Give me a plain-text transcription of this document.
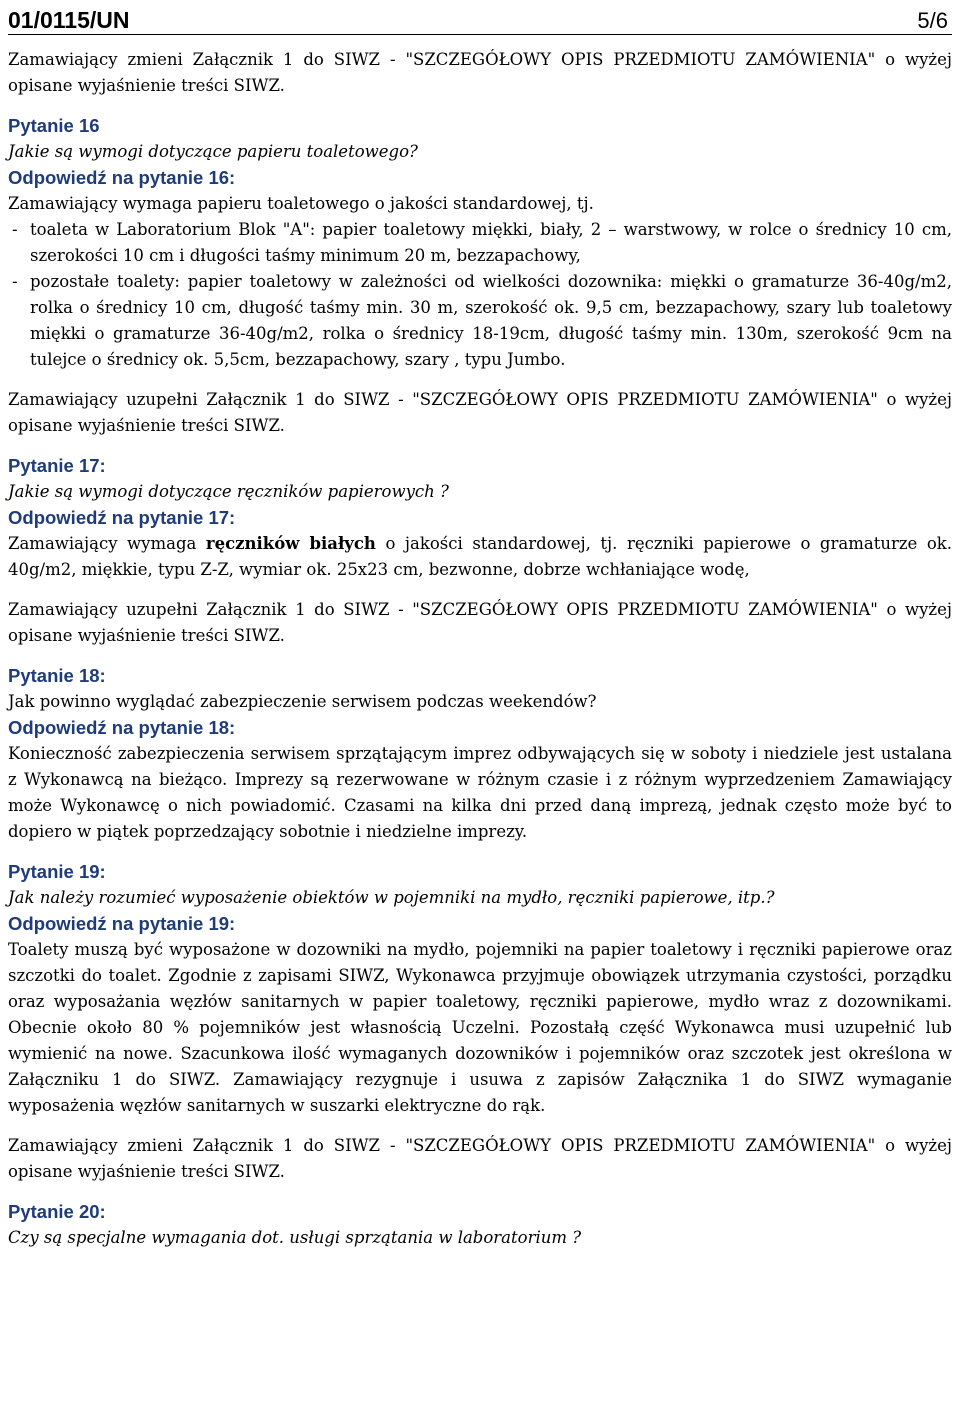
01/0115/UN	5/6

Zamawiający zmieni Załącznik 1 do SIWZ - "SZCZEGÓŁOWY OPIS PRZEDMIOTU ZAMÓWIENIA" o wyżej opisane wyjaśnienie treści SIWZ.

Pytanie 16
Jakie są wymogi dotyczące papieru toaletowego?
Odpowiedź na pytanie 16:

Zamawiający wymaga papieru toaletowego o jakości standardowej, tj.

- toaleta w Laboratorium Blok "A": papier toaletowy miękki, biały, 2 – warstwowy, w rolce o średnicy 10 cm, szerokości 10 cm i długości taśmy minimum 20 m, bezzapachowy,
- pozostałe toalety: papier toaletowy w zależności od wielkości dozownika: miękki o gramaturze 36-40g/m2, rolka o średnicy 10 cm, długość taśmy min. 30 m, szerokość ok. 9,5 cm, bezzapachowy, szary lub toaletowy miękki o gramaturze 36-40g/m2, rolka o średnicy 18-19cm, długość taśmy min. 130m, szerokość 9cm na tulejce o średnicy ok. 5,5cm, bezzapachowy, szary , typu Jumbo.

Zamawiający uzupełni Załącznik 1 do SIWZ - "SZCZEGÓŁOWY OPIS PRZEDMIOTU ZAMÓWIENIA" o wyżej opisane wyjaśnienie treści SIWZ.

Pytanie 17:
Jakie są wymogi dotyczące ręczników papierowych ?
Odpowiedź na pytanie 17:

Zamawiający wymaga ręczników białych o jakości standardowej, tj. ręczniki papierowe o gramaturze ok. 40g/m2, miękkie, typu Z-Z, wymiar ok. 25x23 cm, bezwonne, dobrze wchłaniające wodę,

Zamawiający uzupełni Załącznik 1 do SIWZ - "SZCZEGÓŁOWY OPIS PRZEDMIOTU ZAMÓWIENIA" o wyżej opisane wyjaśnienie treści SIWZ.

Pytanie 18:
Jak powinno wyglądać zabezpieczenie serwisem podczas weekendów?
Odpowiedź na pytanie 18:

Konieczność zabezpieczenia serwisem sprzątającym imprez odbywających się w soboty i niedziele jest ustalana z Wykonawcą na bieżąco. Imprezy są rezerwowane w różnym czasie i z różnym wyprzedzeniem Zamawiający może Wykonawcę o nich powiadomić. Czasami na kilka dni przed daną imprezą, jednak często może być to dopiero w piątek poprzedzający sobotnie i niedzielne imprezy.

Pytanie 19:
Jak należy rozumieć wyposażenie obiektów w pojemniki na mydło, ręczniki papierowe, itp.?
Odpowiedź na pytanie 19:

Toalety muszą być wyposażone w dozowniki na mydło, pojemniki na papier toaletowy i ręczniki papierowe oraz szczotki do toalet. Zgodnie z zapisami SIWZ, Wykonawca przyjmuje obowiązek utrzymania czystości, porządku oraz wyposażania węzłów sanitarnych w papier toaletowy, ręczniki papierowe, mydło wraz z dozownikami. Obecnie około 80 % pojemników jest własnością Uczelni. Pozostałą część Wykonawca musi uzupełnić lub wymienić na nowe. Szacunkowa ilość wymaganych dozowników i pojemników oraz szczotek jest określona w Załączniku 1 do SIWZ. Zamawiający rezygnuje i usuwa z zapisów Załącznika 1 do SIWZ wymaganie wyposażenia węzłów sanitarnych w suszarki elektryczne do rąk.

Zamawiający zmieni Załącznik 1 do SIWZ - "SZCZEGÓŁOWY OPIS PRZEDMIOTU ZAMÓWIENIA" o wyżej opisane wyjaśnienie treści SIWZ.

Pytanie 20:
Czy są specjalne wymagania dot. usługi sprzątania w laboratorium ?
